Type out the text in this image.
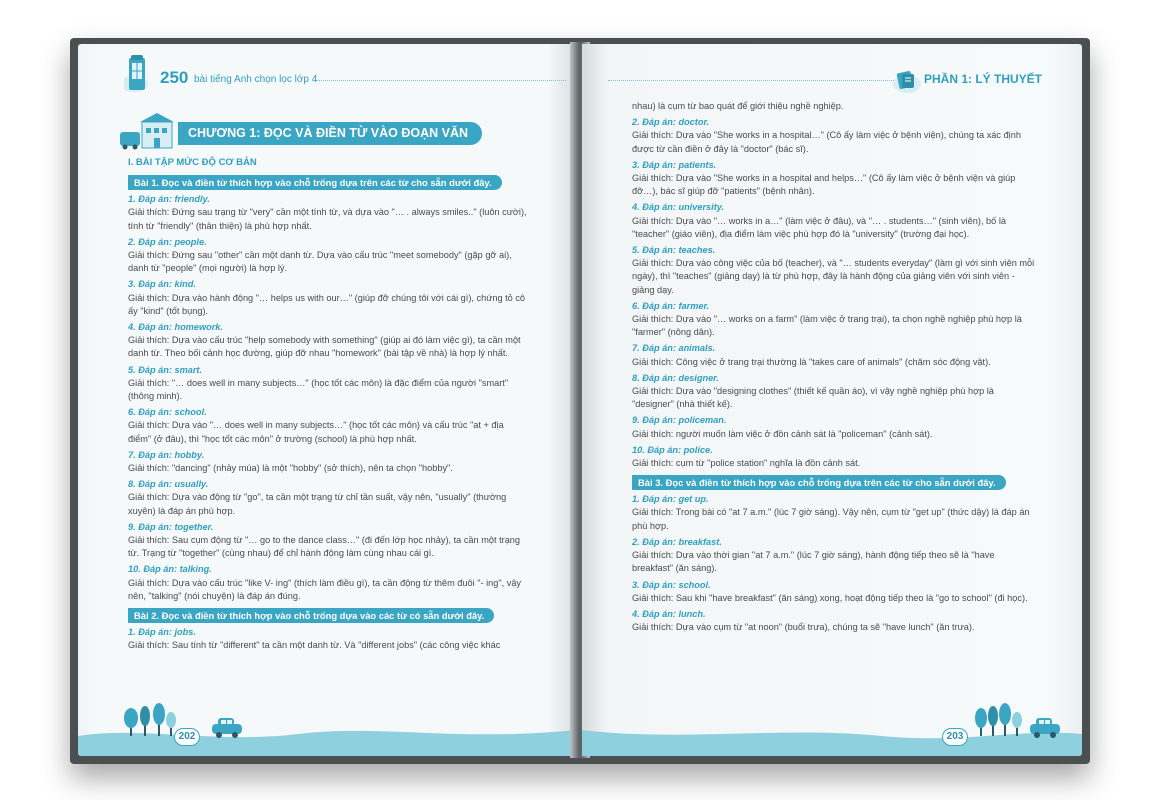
250 bài tiếng Anh chọn lọc lớp 4
CHƯƠNG 1: ĐỌC VÀ ĐIỀN TỪ VÀO ĐOẠN VĂN
I. BÀI TẬP MỨC ĐỘ CƠ BẢN
Bài 1. Đọc và điền từ thích hợp vào chỗ trống dựa trên các từ cho sẵn dưới đây.
1. Đáp án: friendly.
Giải thích: Đứng sau trạng từ "very" cần một tính từ, và dựa vào "… . always smiles.." (luôn cười), tính từ "friendly" (thân thiện) là phù hợp nhất.
2. Đáp án: people.
Giải thích: Đứng sau "other" cần một danh từ. Dựa vào cấu trúc "meet somebody" (gặp gỡ ai), danh từ "people" (mọi người) là hợp lý.
3. Đáp án: kind.
Giải thích: Dựa vào hành động "… helps us with our…" (giúp đỡ chúng tôi với cái gì), chứng tỏ cô ấy "kind" (tốt bụng).
4. Đáp án: homework.
Giải thích: Dựa vào cấu trúc "help somebody with something" (giúp ai đó làm việc gì), ta cần một danh từ. Theo bối cảnh học đường, giúp đỡ nhau "homework" (bài tập về nhà) là hợp lý nhất.
5. Đáp án: smart.
Giải thích: "… does well in many subjects…" (học tốt các môn) là đặc điểm của người "smart" (thông minh).
6. Đáp án: school.
Giải thích: Dựa vào "… does well in many subjects…" (học tốt các môn) và cấu trúc "at + địa điểm" (ở đâu), thì "học tốt các môn" ở trường (school) là phù hợp nhất.
7. Đáp án: hobby.
Giải thích: "dancing" (nhảy múa) là một "hobby" (sở thích), nên ta chọn "hobby".
8. Đáp án: usually.
Giải thích: Dựa vào động từ "go", ta cần một trạng từ chỉ tần suất, vậy nên, "usually" (thường xuyên) là đáp án phù hợp.
9. Đáp án: together.
Giải thích: Sau cụm động từ "… go to the dance class…" (đi đến lớp học nhảy), ta cần một trạng từ. Trạng từ "together" (cùng nhau) để chỉ hành động làm cùng nhau cái gì.
10. Đáp án: talking.
Giải thích: Dựa vào cấu trúc "like V- ing" (thích làm điều gì), ta cần động từ thêm đuôi "- ing", vậy nên, "talking" (nói chuyện) là đáp án đúng.
Bài 2. Đọc và điền từ thích hợp vào chỗ trống dựa vào các từ có sẵn dưới đây.
1. Đáp án: jobs.
Giải thích: Sau tính từ "different" ta cần một danh từ. Và "different jobs" (các công việc khác
202
PHẦN 1: LÝ THUYẾT
nhau) là cụm từ bao quát để giới thiệu nghề nghiệp.
2. Đáp án: doctor.
Giải thích: Dựa vào "She works in a hospital…" (Cô ấy làm việc ở bệnh viện), chúng ta xác định được từ cần điền ở đây là "doctor" (bác sĩ).
3. Đáp án: patients.
Giải thích: Dựa vào "She works in a hospital and helps…" (Cô ấy làm việc ở bệnh viện và giúp đỡ…), bác sĩ giúp đỡ "patients" (bệnh nhân).
4. Đáp án: university.
Giải thích: Dựa vào "… works in a…" (làm việc ở đâu), và "… . students…" (sinh viên), bố là "teacher" (giáo viên), địa điểm làm việc phù hợp đó là "university" (trường đại học).
5. Đáp án: teaches.
Giải thích: Dựa vào công việc của bố (teacher), và "… students everyday" (làm gì với sinh viên mỗi ngày), thì "teaches" (giảng dạy) là từ phù hợp, đây là hành động của giảng viên với sinh viên - giảng dạy.
6. Đáp án: farmer.
Giải thích: Dựa vào "… works on a farm" (làm việc ở trang trại), ta chọn nghề nghiệp phù hợp là "farmer" (nông dân).
7. Đáp án: animals.
Giải thích: Công việc ở trang trại thường là "takes care of animals" (chăm sóc động vật).
8. Đáp án: designer.
Giải thích: Dựa vào "designing clothes" (thiết kế quần áo), vì vậy nghề nghiệp phù hợp là "designer" (nhà thiết kế).
9. Đáp án: policeman.
Giải thích: người muốn làm việc ở đồn cảnh sát là "policeman" (cảnh sát).
10. Đáp án: police.
Giải thích: cụm từ "police station" nghĩa là đồn cảnh sát.
Bài 3. Đọc và điền từ thích hợp vào chỗ trống dựa trên các từ cho sẵn dưới đây.
1. Đáp án: get up.
Giải thích: Trong bài có "at 7 a.m." (lúc 7 giờ sáng). Vậy nên, cụm từ "get up" (thức dậy) là đáp án phù hợp.
2. Đáp án: breakfast.
Giải thích: Dựa vào thời gian "at 7 a.m." (lúc 7 giờ sáng), hành động tiếp theo sẽ là "have breakfast" (ăn sáng).
3. Đáp án: school.
Giải thích: Sau khi "have breakfast" (ăn sáng) xong, hoạt động tiếp theo là "go to school" (đi học).
4. Đáp án: lunch.
Giải thích: Dựa vào cụm từ "at noon" (buổi trưa), chúng ta sẽ "have lunch" (ăn trưa).
203
